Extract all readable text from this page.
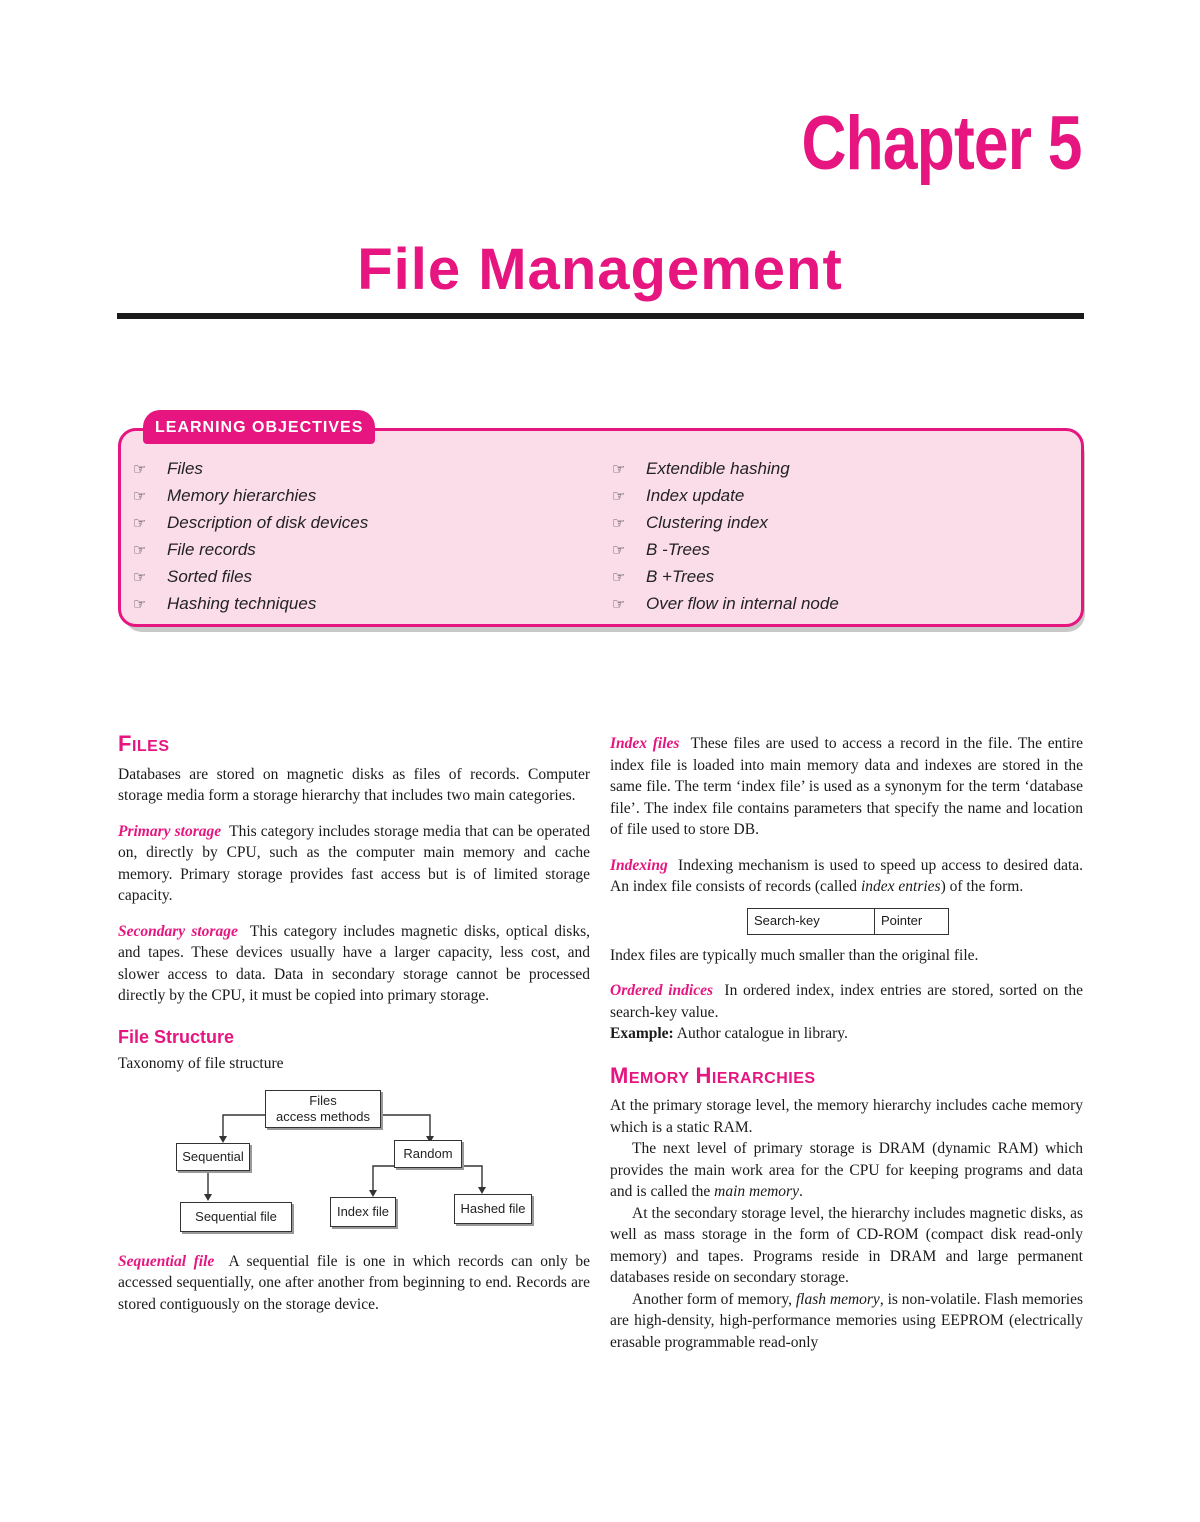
Chapter 5
File Management
LEARNING OBJECTIVES
☞ Files
☞ Memory hierarchies
☞ Description of disk devices
☞ File records
☞ Sorted files
☞ Hashing techniques
☞ Extendible hashing
☞ Index update
☞ Clustering index
☞ B -Trees
☞ B +Trees
☞ Over flow in internal node
FILES

Databases are stored on magnetic disks as files of records. Computer storage media form a storage hierarchy that includes two main categories.

Primary storage This category includes storage media that can be operated on, directly by CPU, such as the computer main memory and cache memory. Primary storage provides fast access but is of limited storage capacity.

Secondary storage This category includes magnetic disks, optical disks, and tapes. These devices usually have a larger capacity, less cost, and slower access to data. Data in secondary storage cannot be processed directly by the CPU, it must be copied into primary storage.

File Structure

Taxonomy of file structure

Files
access methods
Sequential	Random
Sequential file	Index file	Hashed file

Sequential file A sequential file is one in which records can only be accessed sequentially, one after another from beginning to end. Records are stored contiguously on the storage device.

Index files These files are used to access a record in the file. The entire index file is loaded into main memory data and indexes are stored in the same file. The term ‘index file’ is used as a synonym for the term ‘database file’. The index file contains parameters that specify the name and location of file used to store DB.

Indexing Indexing mechanism is used to speed up access to desired data. An index file consists of records (called index entries) of the form.

Search-key	Pointer

Index files are typically much smaller than the original file.

Ordered indices In ordered index, index entries are stored, sorted on the search-key value.

Example: Author catalogue in library.

MEMORY HIERARCHIES

At the primary storage level, the memory hierarchy includes cache memory which is a static RAM.

The next level of primary storage is DRAM (dynamic RAM) which provides the main work area for the CPU for keeping programs and data and is called the main memory.

At the secondary storage level, the hierarchy includes magnetic disks, as well as mass storage in the form of CD-ROM (compact disk read-only memory) and tapes. Programs reside in DRAM and large permanent databases reside on secondary storage.

Another form of memory, flash memory, is non-volatile. Flash memories are high-density, high-performance memories using EEPROM (electrically erasable programmable read-only
